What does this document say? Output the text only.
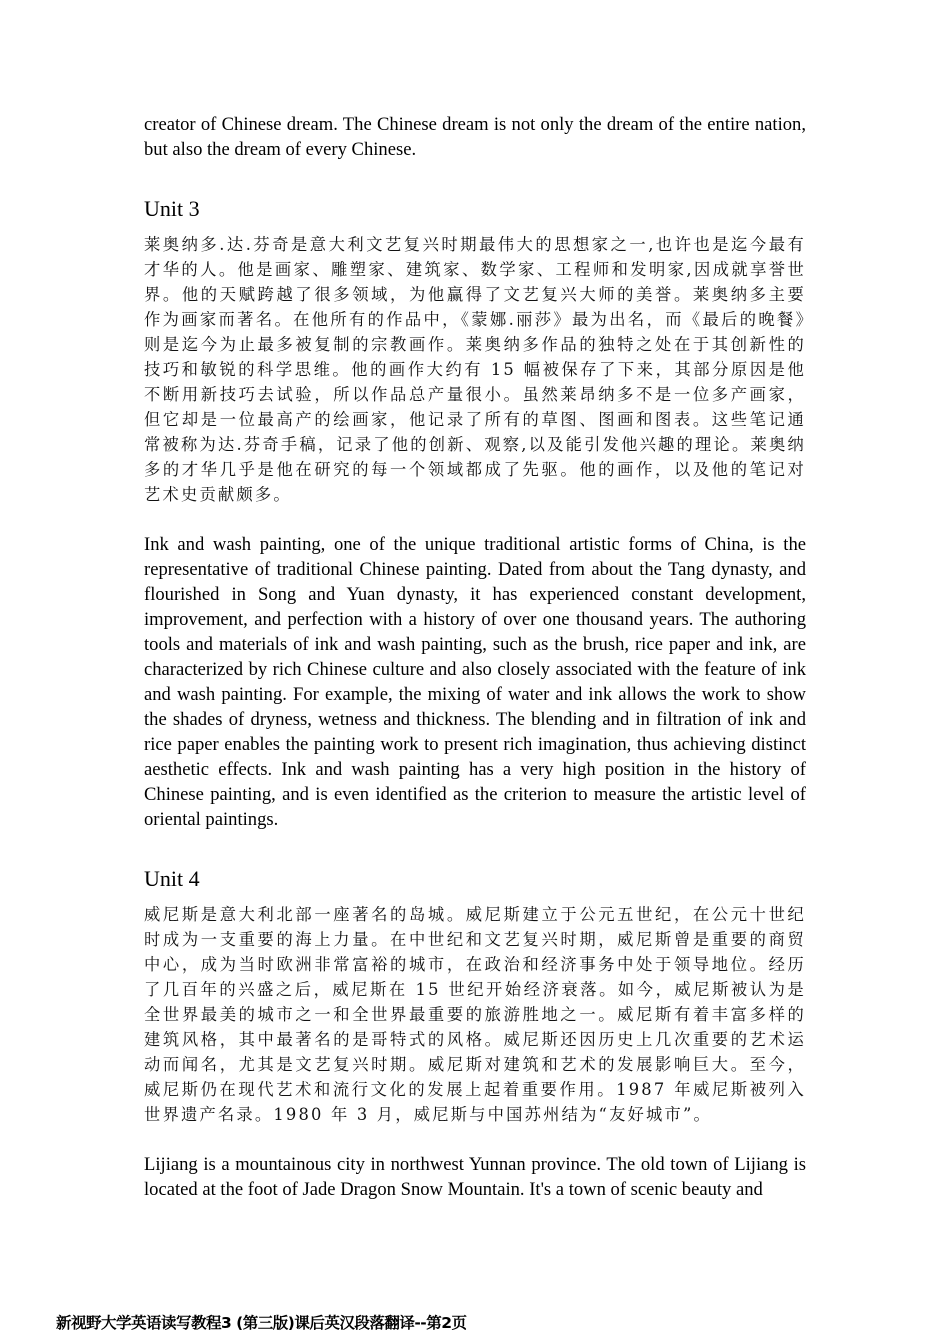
creator of Chinese dream. The Chinese dream is not only the dream of the entire nation, but also the dream of every Chinese.

Unit 3

莱奥纳多.达.芬奇是意大利文艺复兴时期最伟大的思想家之一,也许也是迄今最有才华的人。他是画家、雕塑家、建筑家、数学家、工程师和发明家,因成就享誉世界。他的天赋跨越了很多领域，为他赢得了文艺复兴大师的美誉。莱奥纳多主要作为画家而著名。在他所有的作品中，《蒙娜.丽莎》最为出名，而《最后的晚餐》则是迄今为止最多被复制的宗教画作。莱奥纳多作品的独特之处在于其创新性的技巧和敏锐的科学思维。他的画作大约有 15 幅被保存了下来，其部分原因是他不断用新技巧去试验，所以作品总产量很小。虽然莱昂纳多不是一位多产画家，但它却是一位最高产的绘画家，他记录了所有的草图、图画和图表。这些笔记通常被称为达.芬奇手稿，记录了他的创新、观察,以及能引发他兴趣的理论。莱奥纳多的才华几乎是他在研究的每一个领域都成了先驱。他的画作，以及他的笔记对艺术史贡献颇多。

Ink and wash painting, one of the unique traditional artistic forms of China, is the representative of traditional Chinese painting. Dated from about the Tang dynasty, and flourished in Song and Yuan dynasty, it has experienced constant development, improvement, and perfection with a history of over one thousand years. The authoring tools and materials of ink and wash painting, such as the brush, rice paper and ink, are characterized by rich Chinese culture and also closely associated with the feature of ink and wash painting. For example, the mixing of water and ink allows the work to show the shades of dryness, wetness and thickness. The blending and in filtration of ink and rice paper enables the painting work to present rich imagination, thus achieving distinct aesthetic effects. Ink and wash painting has a very high position in the history of Chinese painting, and is even identified as the criterion to measure the artistic level of oriental paintings.

Unit 4

威尼斯是意大利北部一座著名的岛城。威尼斯建立于公元五世纪，在公元十世纪时成为一支重要的海上力量。在中世纪和文艺复兴时期，威尼斯曾是重要的商贸中心，成为当时欧洲非常富裕的城市，在政治和经济事务中处于领导地位。经历了几百年的兴盛之后，威尼斯在 15 世纪开始经济衰落。如今，威尼斯被认为是全世界最美的城市之一和全世界最重要的旅游胜地之一。威尼斯有着丰富多样的建筑风格，其中最著名的是哥特式的风格。威尼斯还因历史上几次重要的艺术运动而闻名，尤其是文艺复兴时期。威尼斯对建筑和艺术的发展影响巨大。至今，威尼斯仍在现代艺术和流行文化的发展上起着重要作用。1987 年威尼斯被列入世界遗产名录。1980 年 3 月，威尼斯与中国苏州结为“友好城市”。

Lijiang is a mountainous city in northwest Yunnan province. The old town of Lijiang is located at the foot of Jade Dragon Snow Mountain. It's a town of scenic beauty and

新视野大学英语读写教程3 (第三版)课后英汉段落翻译--第2页
